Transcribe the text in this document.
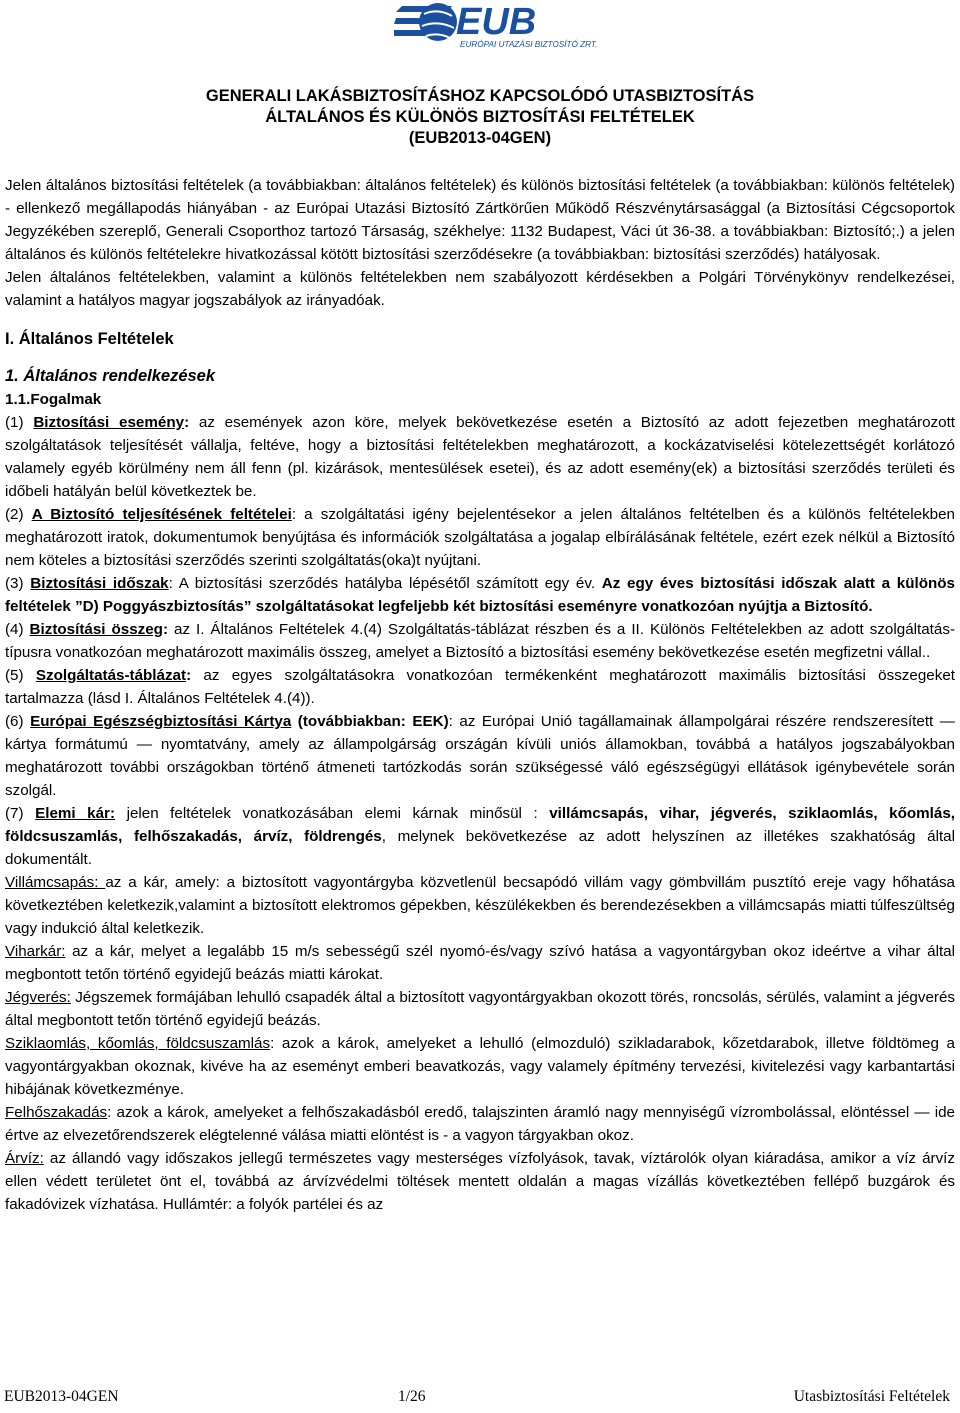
EUB
EURÓPAI UTAZÁSI BIZTOSÍTÓ ZRT.
GENERALI LAKÁSBIZTOSÍTÁSHOZ KAPCSOLÓDÓ UTASBIZTOSÍTÁS
ÁLTALÁNOS ÉS KÜLÖNÖS BIZTOSÍTÁSI FELTÉTELEK
(EUB2013-04GEN)

Jelen általános biztosítási feltételek (a továbbiakban: általános feltételek) és különös biztosítási feltételek (a továbbiakban: különös feltételek) - ellenkező megállapodás hiányában - az Európai Utazási Biztosító Zártkörűen Működő Részvénytársasággal (a Biztosítási Cégcsoportok Jegyzékében szereplő, Generali Csoporthoz tartozó Társaság, székhelye: 1132 Budapest, Váci út 36-38. a továbbiakban: Biztosító;.) a jelen általános és különös feltételekre hivatkozással kötött biztosítási szerződésekre (a továbbiakban: biztosítási szerződés) hatályosak.

Jelen általános feltételekben, valamint a különös feltételekben nem szabályozott kérdésekben a Polgári Törvénykönyv rendelkezései, valamint a hatályos magyar jogszabályok az irányadóak.

I. Általános Feltételek

1. Általános rendelkezések

1.1.Fogalmak

(1) Biztosítási esemény: az események azon köre, melyek bekövetkezése esetén a Biztosító az adott fejezetben meghatározott szolgáltatások teljesítését vállalja, feltéve, hogy a biztosítási feltételekben meghatározott, a kockázatviselési kötelezettségét korlátozó valamely egyéb körülmény nem áll fenn (pl. kizárások, mentesülések esetei), és az adott esemény(ek) a biztosítási szerződés területi és időbeli hatályán belül következtek be.

(2) A Biztosító teljesítésének feltételei: a szolgáltatási igény bejelentésekor a jelen általános feltételben és a különös feltételekben meghatározott iratok, dokumentumok benyújtása és információk szolgáltatása a jogalap elbírálásának feltétele, ezért ezek nélkül a Biztosító nem köteles a biztosítási szerződés szerinti szolgáltatás(oka)t nyújtani.

(3) Biztosítási időszak: A biztosítási szerződés hatályba lépésétől számított egy év. Az egy éves biztosítási időszak alatt a különös feltételek ”D) Poggyászbiztosítás” szolgáltatásokat legfeljebb két biztosítási eseményre vonatkozóan nyújtja a Biztosító.

(4) Biztosítási összeg: az I. Általános Feltételek 4.(4) Szolgáltatás-táblázat részben és a II. Különös Feltételekben az adott szolgáltatás-típusra vonatkozóan meghatározott maximális összeg, amelyet a Biztosító a biztosítási esemény bekövetkezése esetén megfizetni vállal..

(5) Szolgáltatás-táblázat: az egyes szolgáltatásokra vonatkozóan termékenként meghatározott maximális biztosítási összegeket tartalmazza (lásd I. Általános Feltételek 4.(4)).

(6) Európai Egészségbiztosítási Kártya (továbbiakban: EEK): az Európai Unió tagállamainak állampolgárai részére rendszeresített — kártya formátumú — nyomtatvány, amely az állampolgárság országán kívüli uniós államokban, továbbá a hatályos jogszabályokban meghatározott további országokban történő átmeneti tartózkodás során szükségessé váló egészségügyi ellátások igénybevétele során szolgál.

(7) Elemi kár: jelen feltételek vonatkozásában elemi kárnak minősül : villámcsapás, vihar, jégverés, sziklaomlás, kőomlás, földcsuszamlás, felhőszakadás, árvíz, földrengés, melynek bekövetkezése az adott helyszínen az illetékes szakhatóság által dokumentált.

Villámcsapás: az a kár, amely: a biztosított vagyontárgyba közvetlenül becsapódó villám vagy gömbvillám pusztító ereje vagy hőhatása következtében keletkezik,valamint a biztosított elektromos gépekben, készülékekben és berendezésekben a villámcsapás miatti túlfeszültség vagy indukció által keletkezik.

Viharkár: az a kár, melyet a legalább 15 m/s sebességű szél nyomó-és/vagy szívó hatása a vagyontárgyban okoz ideértve a vihar által megbontott tetőn történő egyidejű beázás miatti károkat.

Jégverés: Jégszemek formájában lehulló csapadék által a biztosított vagyontárgyakban okozott törés, roncsolás, sérülés, valamint a jégverés által megbontott tetőn történő egyidejű beázás.

Sziklaomlás, kőomlás, földcsuszamlás: azok a károk, amelyeket a lehulló (elmozduló) szikladarabok, kőzetdarabok, illetve földtömeg a vagyontárgyakban okoznak, kivéve ha az eseményt emberi beavatkozás, vagy valamely építmény tervezési, kivitelezési vagy karbantartási hibájának következménye.

Felhőszakadás: azok a károk, amelyeket a felhőszakadásból eredő, talajszinten áramló nagy mennyiségű vízrombolással, elöntéssel — ide értve az elvezetőrendszerek elégtelenné válása miatti elöntést is - a vagyon tárgyakban okoz.

Árvíz: az állandó vagy időszakos jellegű természetes vagy mesterséges vízfolyások, tavak, víztárolók olyan kiáradása, amikor a víz árvíz ellen védett területet önt el, továbbá az árvízvédelmi töltések mentett oldalán a magas vízállás következtében fellépő buzgárok és fakadóvizek vízhatása. Hullámtér: a folyók partélei és az

EUB2013-04GEN	1/26	Utasbiztosítási Feltételek
